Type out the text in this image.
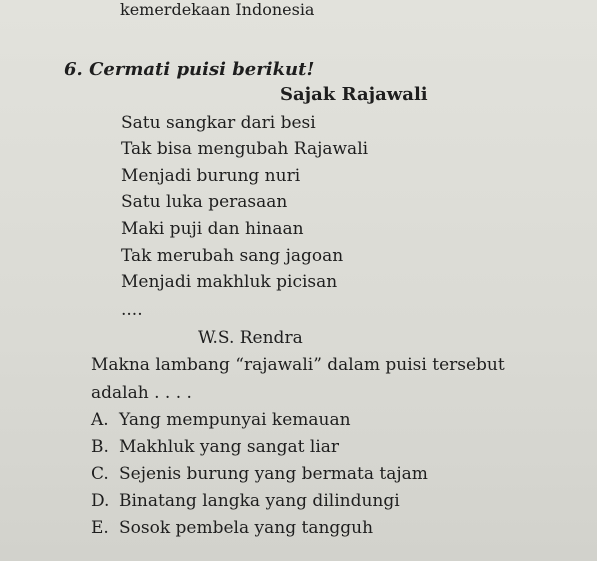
kemerdekaan Indonesia
6. Cermati puisi berikut!
Sajak Rajawali
Satu sangkar dari besi
Tak bisa mengubah Rajawali
Menjadi burung nuri
Satu luka perasaan
Maki puji dan hinaan
Tak merubah sang jagoan
Menjadi makhluk picisan
....
W.S. Rendra
Makna lambang “rajawali” dalam puisi tersebut
adalah . . . .
A. Yang mempunyai kemauan
B. Makhluk yang sangat liar
C. Sejenis burung yang bermata tajam
D. Binatang langka yang dilindungi
E. Sosok pembela yang tangguh
